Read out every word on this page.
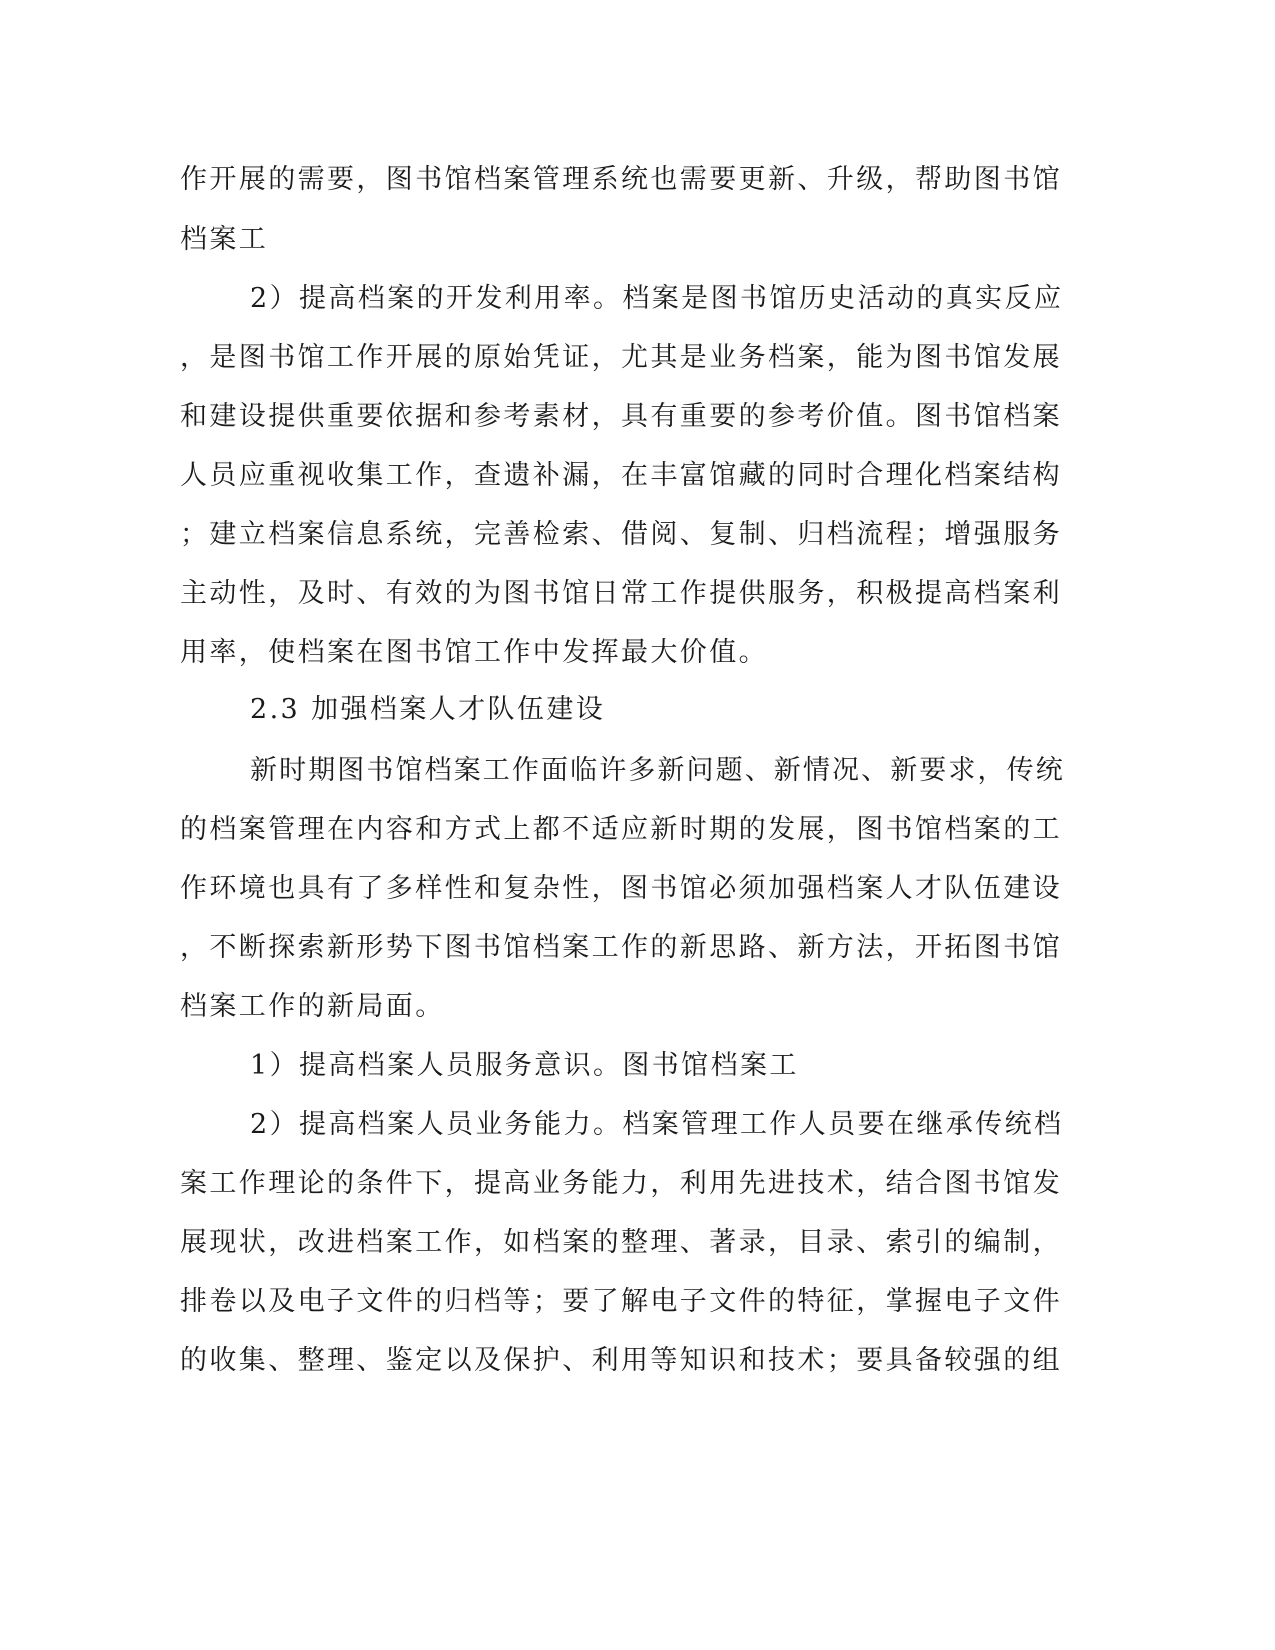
作开展的需要，图书馆档案管理系统也需要更新、升级，帮助图书馆
档案工
2）提高档案的开发利用率。档案是图书馆历史活动的真实反应
，是图书馆工作开展的原始凭证，尤其是业务档案，能为图书馆发展
和建设提供重要依据和参考素材，具有重要的参考价值。图书馆档案
人员应重视收集工作，查遗补漏，在丰富馆藏的同时合理化档案结构
；建立档案信息系统，完善检索、借阅、复制、归档流程；增强服务
主动性，及时、有效的为图书馆日常工作提供服务，积极提高档案利
用率，使档案在图书馆工作中发挥最大价值。
2.3 加强档案人才队伍建设
新时期图书馆档案工作面临许多新问题、新情况、新要求，传统
的档案管理在内容和方式上都不适应新时期的发展，图书馆档案的工
作环境也具有了多样性和复杂性，图书馆必须加强档案人才队伍建设
，不断探索新形势下图书馆档案工作的新思路、新方法，开拓图书馆
档案工作的新局面。
1）提高档案人员服务意识。图书馆档案工
2）提高档案人员业务能力。档案管理工作人员要在继承传统档
案工作理论的条件下，提高业务能力，利用先进技术，结合图书馆发
展现状，改进档案工作，如档案的整理、著录，目录、索引的编制，
排卷以及电子文件的归档等；要了解电子文件的特征，掌握电子文件
的收集、整理、鉴定以及保护、利用等知识和技术；要具备较强的组
